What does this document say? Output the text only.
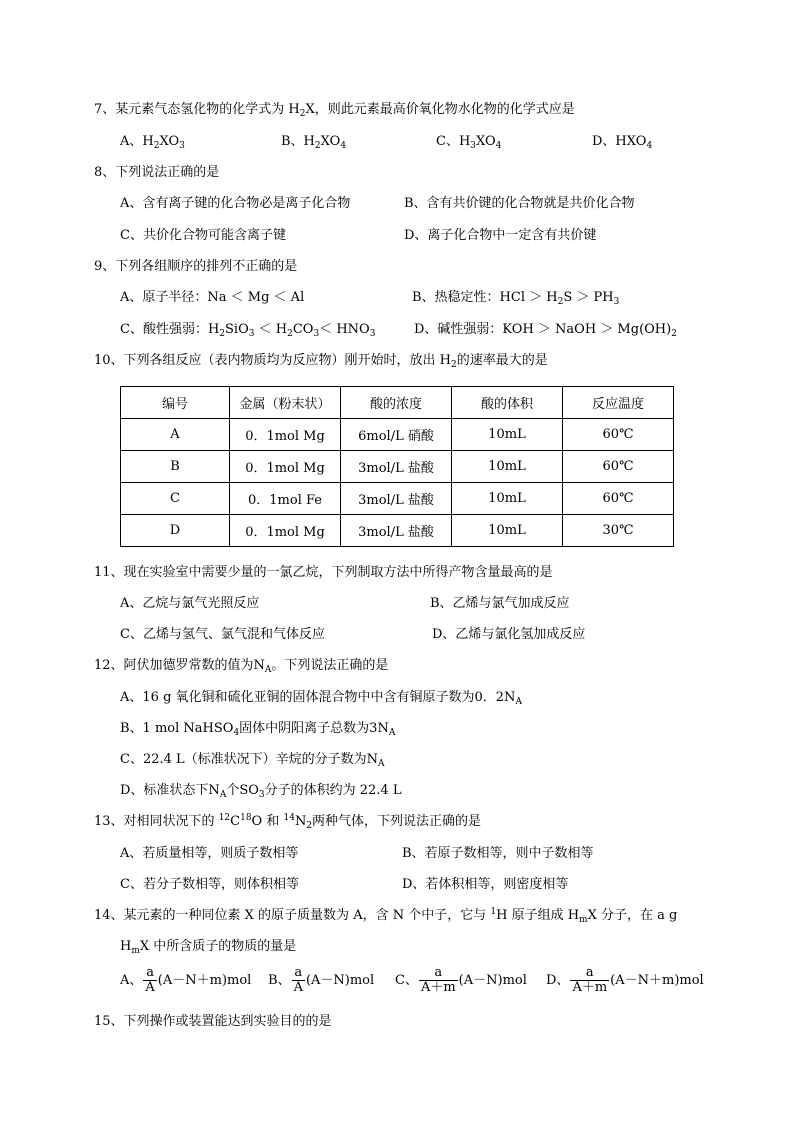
7、某元素气态氢化物的化学式为 $H_2X$，则此元素最高价氧化物水化物的化学式应是
A、$H_2XO_3$	B、$H_2XO_4$	C、$H_3XO_4$	D、$HXO_4$
8、下列说法正确的是
A、含有离子键的化合物必是离子化合物	B、含有共价键的化合物就是共价化合物
C、共价化合物可能含离子键	D、离子化合物中一定含有共价键
9、下列各组顺序的排列不正确的是
A、原子半径：Na ＜ Mg ＜ Al	B、热稳定性：HCl ＞ $H_2S > PH_3$
C、酸性强弱：$H_2SiO_3 < H_2CO_3< HNO_3$	D、碱性强弱：KOH ＞ NaOH ＞ $Mg(OH)_2$
10、下列各组反应（表内物质均为反应物）刚开始时，放出 $H_2$的速率最大的是
编号	金属（粉末状）	酸的浓度	酸的体积	反应温度
A	0．1mol Mg	6mol/L 硝酸	10mL	60℃
B	0．1mol Mg	3mol/L 盐酸	10mL	60℃
C	0．1mol Fe	3mol/L 盐酸	10mL	60℃
D	0．1mol Mg	3mol/L 盐酸	10mL	30℃
11、现在实验室中需要少量的一氯乙烷，下列制取方法中所得产物含量最高的是
A、乙烷与氯气光照反应	B、乙烯与氯气加成反应
C、乙烯与氢气、氯气混和气体反应	D、乙烯与氯化氢加成反应
12、阿伏加德罗常数的值为$N_A$。下列说法正确的是
A、16 g 氧化铜和硫化亚铜的固体混合物中中含有铜原子数为0．$2N_A$
B、1 mol NaHSO$_4$固体中阴阳离子总数为$3N_A$
C、22.4 L（标准状况下）辛烷的分子数为$N_A$
D、标准状态下$N_A$个$SO_3$分子的体积约为 22.4 L
13、对相同状况下的 $^{12}C^{18}O$ 和 $^{14}N_2$两种气体，下列说法正确的是
A、若质量相等，则质子数相等	B、若原子数相等，则中子数相等
C、若分子数相等，则体积相等	D、若体积相等，则密度相等
14、某元素的一种同位素 X 的原子质量数为 A，含 N 个中子，它与 $^1$H 原子组成 $H_mX$ 分子，在 a g
$H_mX$ 中所含质子的物质的量是
A、 $\frac{a}{A} (A-N+m)mol$ B、 $\frac{a}{A} (A-N)mol$ C、 $\frac{a}{A+m} (A-N)mol$ D、 $\frac{a}{A+m} (A-N+m)mol$
15、下列操作或装置能达到实验目的的是
